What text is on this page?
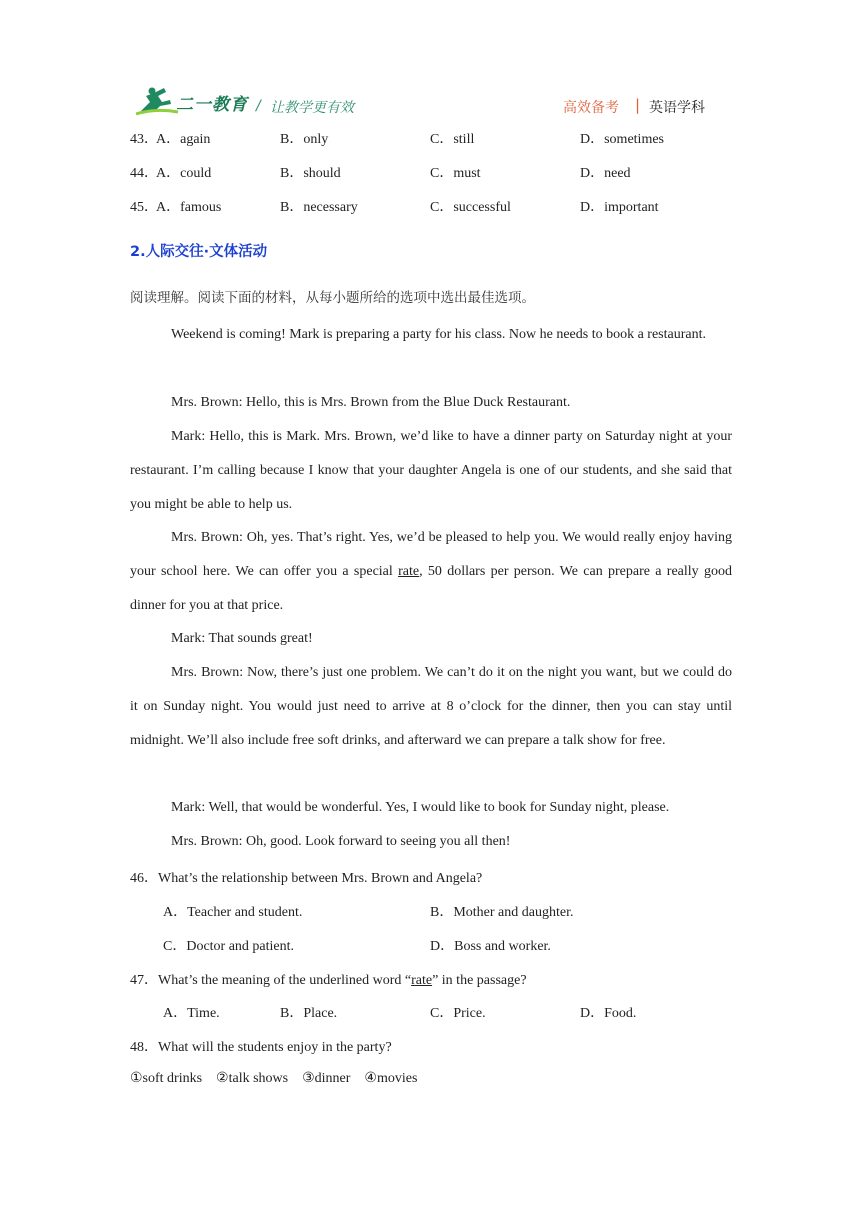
二一教育 / 让教学更有效	高效备考 | 英语学科
43．
A．again	B．only	C．still	D．sometimes
44．
A．could	B．should	C．must	D．need
45．
A．famous	B．necessary	C．successful	D．important
2.人际交往·文体活动
阅读理解。阅读下面的材料，从每小题所给的选项中选出最佳选项。
Weekend is coming! Mark is preparing a party for his class. Now he needs to book a restaurant.
Mrs. Brown: Hello, this is Mrs. Brown from the Blue Duck Restaurant.
Mark: Hello, this is Mark. Mrs. Brown, we’d like to have a dinner party on Saturday night at your restaurant. I’m calling because I know that your daughter Angela is one of our students, and she said that you might be able to help us.
Mrs. Brown: Oh, yes. That’s right. Yes, we’d be pleased to help you. We would really enjoy having your school here. We can offer you a special rate, 50 dollars per person. We can prepare a really good dinner for you at that price.
Mark: That sounds great!
Mrs. Brown: Now, there’s just one problem. We can’t do it on the night you want, but we could do it on Sunday night. You would just need to arrive at 8 o’clock for the dinner, then you can stay until midnight. We’ll also include free soft drinks, and afterward we can prepare a talk show for free.
Mark: Well, that would be wonderful. Yes, I would like to book for Sunday night, please.
Mrs. Brown: Oh, good. Look forward to seeing you all then!
46．What’s the relationship between Mrs. Brown and Angela?
A．Teacher and student.	B．Mother and daughter.
C．Doctor and patient.	D．Boss and worker.
47．What’s the meaning of the underlined word “rate” in the passage?
A．Time.	B．Place.	C．Price.	D．Food.
48．What will the students enjoy in the party?
①soft drinks    ②talk shows    ③dinner    ④movies
